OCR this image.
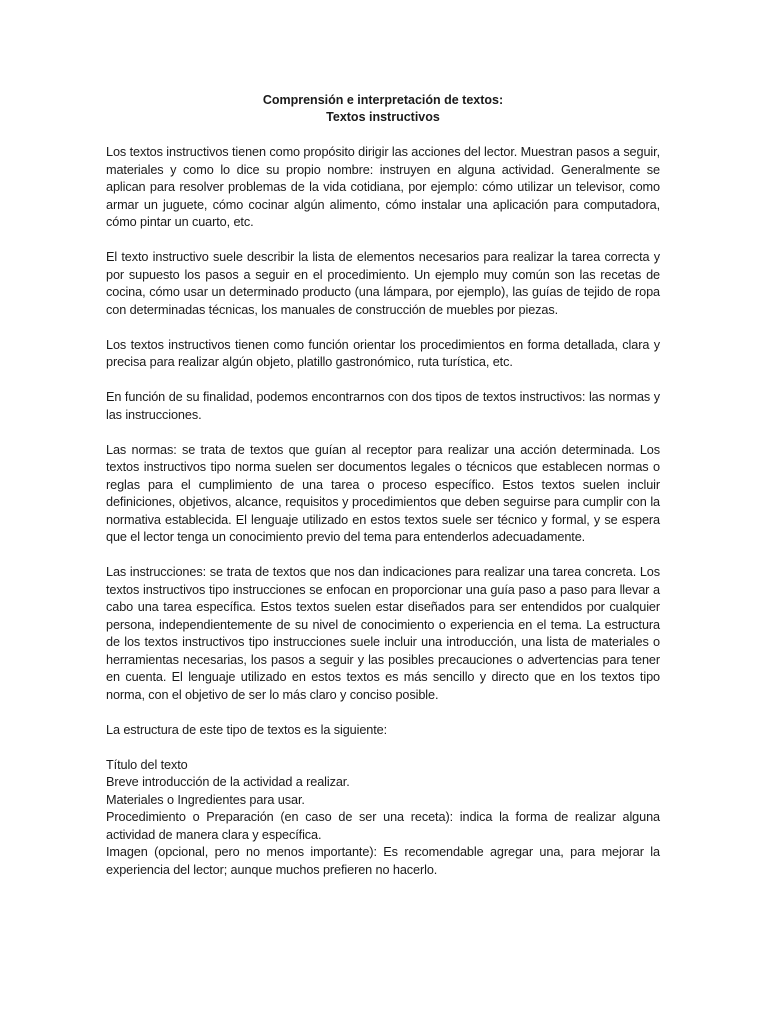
Comprensión e interpretación de textos:
Textos instructivos

Los textos instructivos tienen como propósito dirigir las acciones del lector. Muestran pasos a seguir, materiales y como lo dice su propio nombre: instruyen en alguna actividad. Generalmente se aplican para resolver problemas de la vida cotidiana, por ejemplo: cómo utilizar un televisor, como armar un juguete, cómo cocinar algún alimento, cómo instalar una aplicación para computadora, cómo pintar un cuarto, etc.

El texto instructivo suele describir la lista de elementos necesarios para realizar la tarea correcta y por supuesto los pasos a seguir en el procedimiento. Un ejemplo muy común son las recetas de cocina, cómo usar un determinado producto (una lámpara, por ejemplo), las guías de tejido de ropa con determinadas técnicas, los manuales de construcción de muebles por piezas.

Los textos instructivos tienen como función orientar los procedimientos en forma detallada, clara y precisa para realizar algún objeto, platillo gastronómico, ruta turística, etc.

En función de su finalidad, podemos encontrarnos con dos tipos de textos instructivos: las normas y las instrucciones.

Las normas: se trata de textos que guían al receptor para realizar una acción determinada. Los textos instructivos tipo norma suelen ser documentos legales o técnicos que establecen normas o reglas para el cumplimiento de una tarea o proceso específico. Estos textos suelen incluir definiciones, objetivos, alcance, requisitos y procedimientos que deben seguirse para cumplir con la normativa establecida. El lenguaje utilizado en estos textos suele ser técnico y formal, y se espera que el lector tenga un conocimiento previo del tema para entenderlos adecuadamente.

Las instrucciones: se trata de textos que nos dan indicaciones para realizar una tarea concreta. Los textos instructivos tipo instrucciones se enfocan en proporcionar una guía paso a paso para llevar a cabo una tarea específica. Estos textos suelen estar diseñados para ser entendidos por cualquier persona, independientemente de su nivel de conocimiento o experiencia en el tema. La estructura de los textos instructivos tipo instrucciones suele incluir una introducción, una lista de materiales o herramientas necesarias, los pasos a seguir y las posibles precauciones o advertencias para tener en cuenta. El lenguaje utilizado en estos textos es más sencillo y directo que en los textos tipo norma, con el objetivo de ser lo más claro y conciso posible.

La estructura de este tipo de textos es la siguiente:

Título del texto
Breve introducción de la actividad a realizar.
Materiales o Ingredientes para usar.
Procedimiento o Preparación (en caso de ser una receta): indica la forma de realizar alguna actividad de manera clara y específica.
Imagen (opcional, pero no menos importante): Es recomendable agregar una, para mejorar la experiencia del lector; aunque muchos prefieren no hacerlo.
